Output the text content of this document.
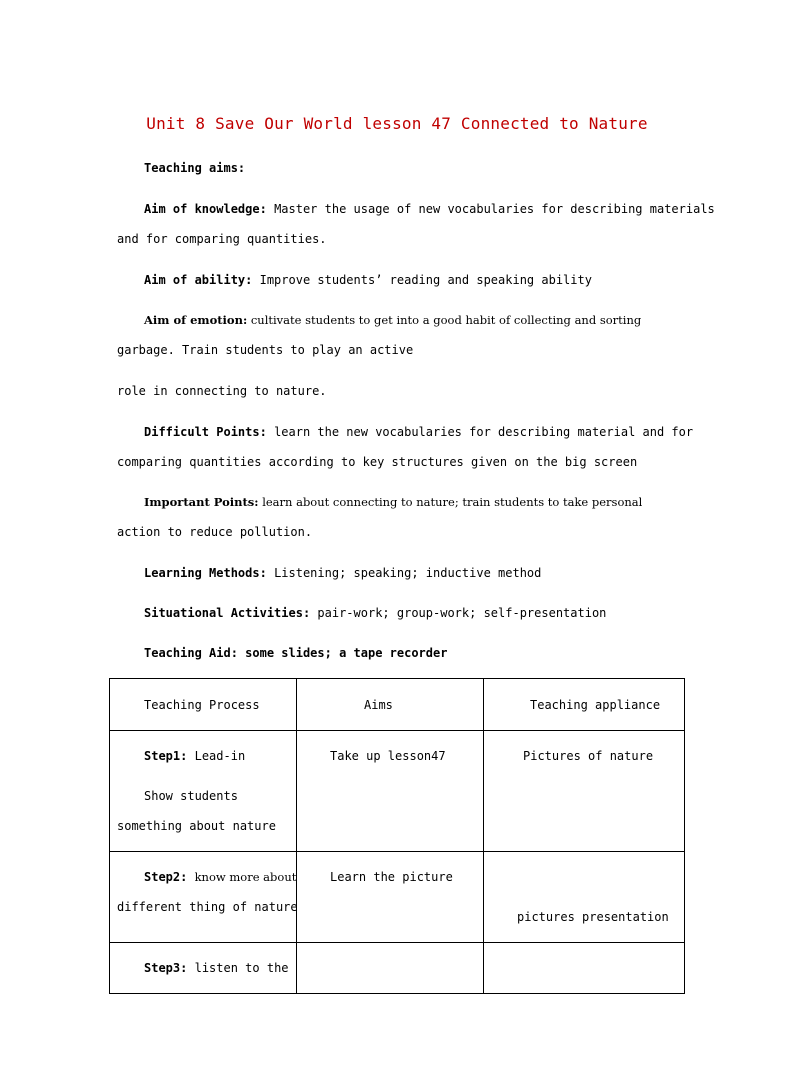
Unit 8 Save Our World lesson 47 Connected to Nature
Teaching aims:
Aim of knowledge: Master the usage of new vocabularies for describing materials
and for comparing quantities.
Aim of ability: Improve students’ reading and speaking ability
Aim of emotion: cultivate students to get into a good habit of collecting and sorting
garbage. Train students to play an active
role in connecting to nature.
Difficult Points: learn the new vocabularies for describing material and for
comparing quantities according to key structures given on the big screen
Important Points: learn about connecting to nature; train students to take personal
action to reduce pollution.
Learning Methods: Listening; speaking; inductive method
Situational Activities: pair-work; group-work; self-presentation
Teaching Aid: some slides; a tape recorder
Teaching Process	Aims	Teaching appliance

Step1: Lead-in
Show students
something about nature	Take up lesson47	Pictures of nature

Step2: know more about
different thing of nature	Learn the picture	pictures presentation

Step3: listen to the		
